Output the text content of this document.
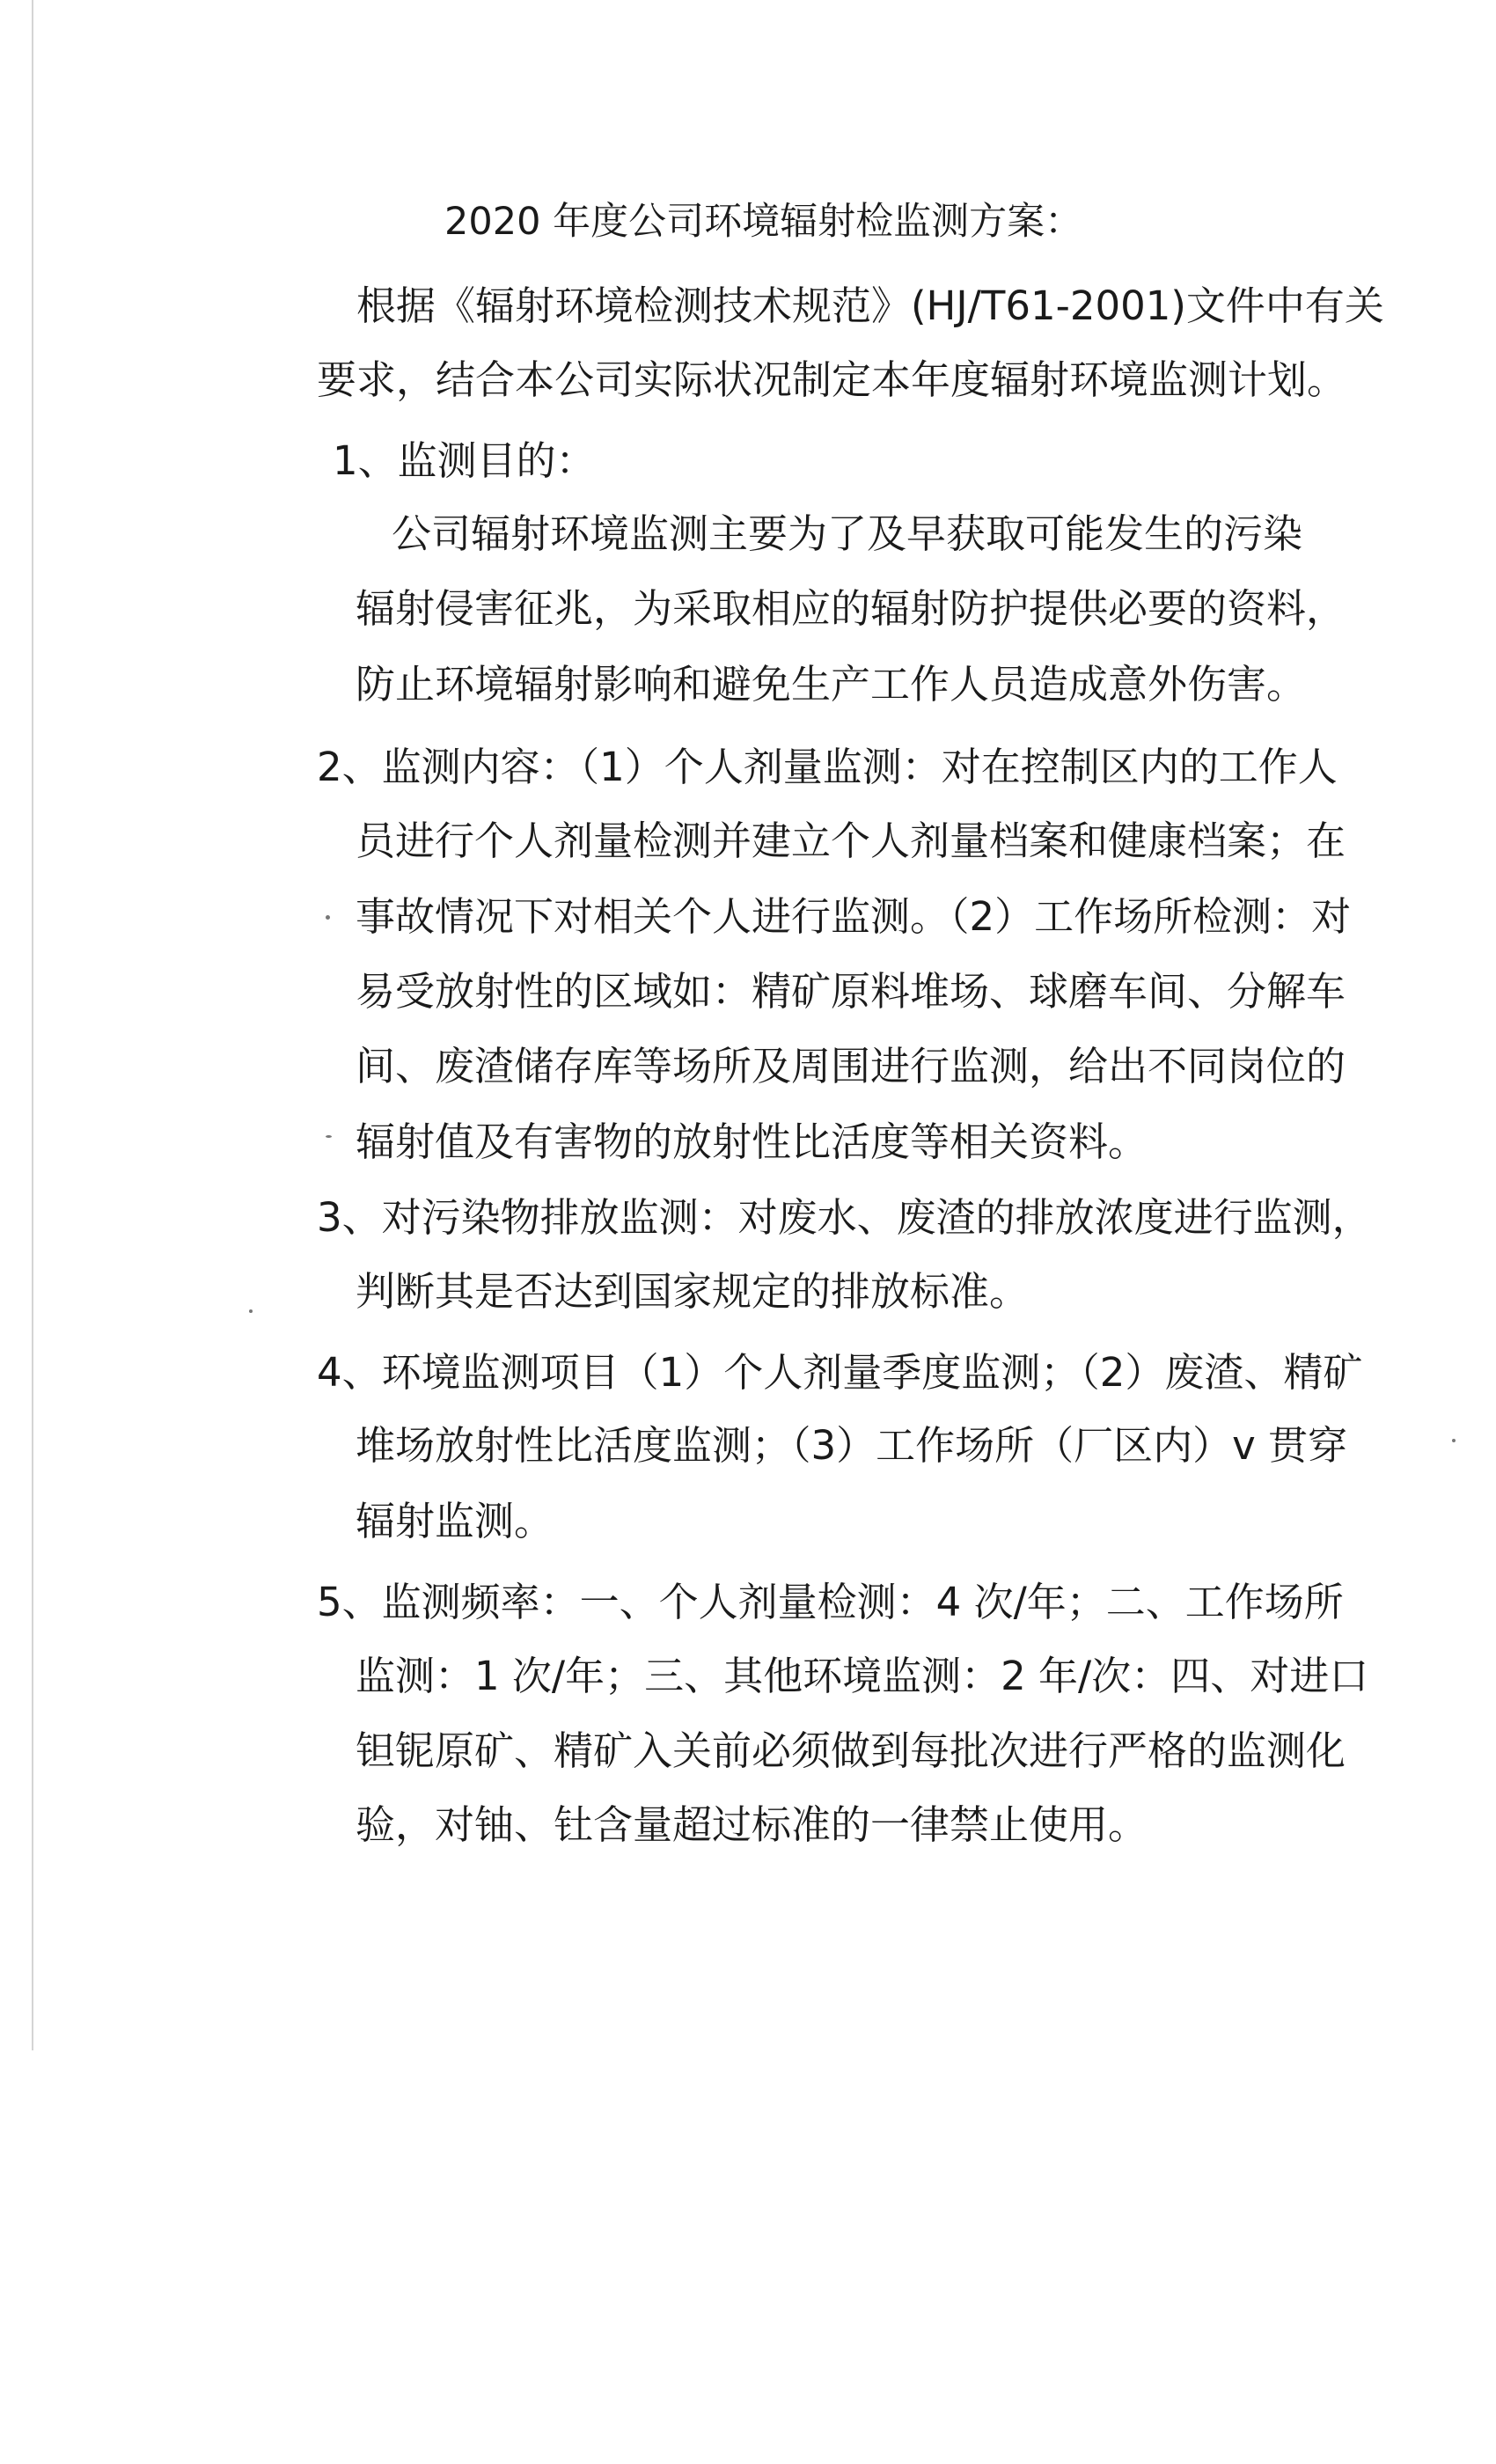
2020 年度公司环境辐射检监测方案：
根据《辐射环境检测技术规范》(HJ/T61-2001)文件中有关
要求，结合本公司实际状况制定本年度辐射环境监测计划。
1、监测目的：
公司辐射环境监测主要为了及早获取可能发生的污染
辐射侵害征兆，为采取相应的辐射防护提供必要的资料，
防止环境辐射影响和避免生产工作人员造成意外伤害。
2、监测内容：（1）个人剂量监测：对在控制区内的工作人
员进行个人剂量检测并建立个人剂量档案和健康档案；在
事故情况下对相关个人进行监测。（2）工作场所检测：对
易受放射性的区域如：精矿原料堆场、球磨车间、分解车
间、废渣储存库等场所及周围进行监测，给出不同岗位的
辐射值及有害物的放射性比活度等相关资料。
3、对污染物排放监测：对废水、废渣的排放浓度进行监测，
判断其是否达到国家规定的排放标准。
4、环境监测项目（1）个人剂量季度监测；（2）废渣、精矿
堆场放射性比活度监测；（3）工作场所（厂区内）v 贯穿
辐射监测。
5、监测频率：一、个人剂量检测：4 次/年；二、工作场所
监测：1 次/年；三、其他环境监测：2 年/次：四、对进口
钽铌原矿、精矿入关前必须做到每批次进行严格的监测化
验，对铀、钍含量超过标准的一律禁止使用。
